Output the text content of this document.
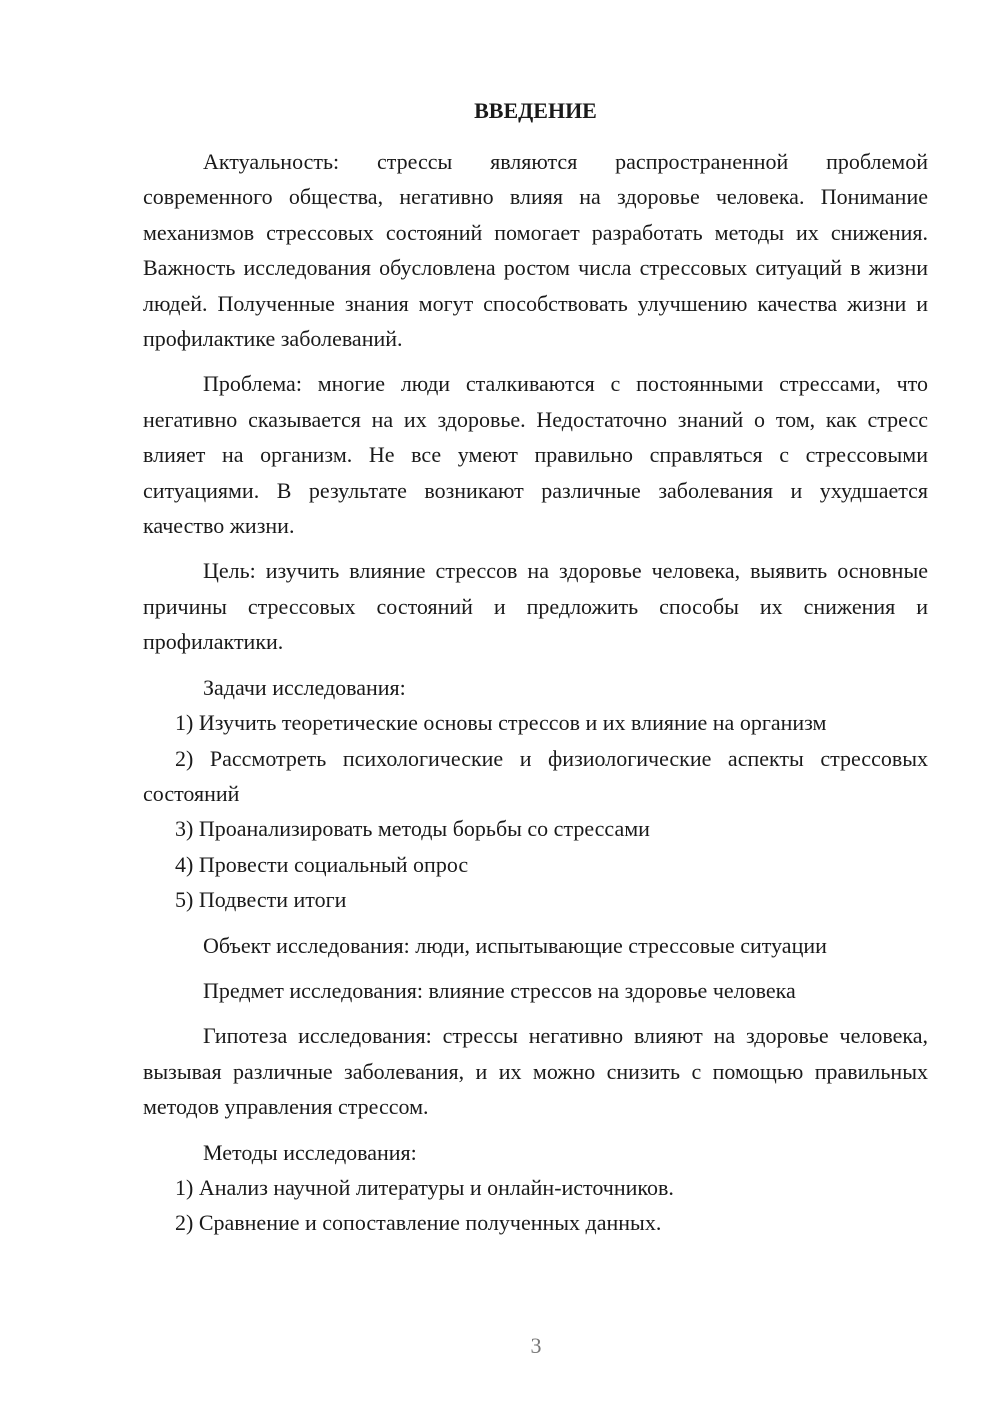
ВВЕДЕНИЕ

Актуальность: стрессы являются распространенной проблемой современного общества, негативно влияя на здоровье человека. Понимание механизмов стрессовых состояний помогает разработать методы их снижения. Важность исследования обусловлена ростом числа стрессовых ситуаций в жизни людей. Полученные знания могут способствовать улучшению качества жизни и профилактике заболеваний.

Проблема: многие люди сталкиваются с постоянными стрессами, что негативно сказывается на их здоровье. Недостаточно знаний о том, как стресс влияет на организм. Не все умеют правильно справляться с стрессовыми ситуациями. В результате возникают различные заболевания и ухудшается качество жизни.

Цель: изучить влияние стрессов на здоровье человека, выявить основные причины стрессовых состояний и предложить способы их снижения и профилактики.

Задачи исследования:

1) Изучить теоретические основы стрессов и их влияние на организм

2) Рассмотреть психологические и физиологические аспекты стрессовых состояний

3) Проанализировать методы борьбы со стрессами

4) Провести социальный опрос

5) Подвести итоги

Объект исследования: люди, испытывающие стрессовые ситуации

Предмет исследования: влияние стрессов на здоровье человека

Гипотеза исследования: стрессы негативно влияют на здоровье человека, вызывая различные заболевания, и их можно снизить с помощью правильных методов управления стрессом.

Методы исследования:

1) Анализ научной литературы и онлайн-источников.

2) Сравнение и сопоставление полученных данных.

3
